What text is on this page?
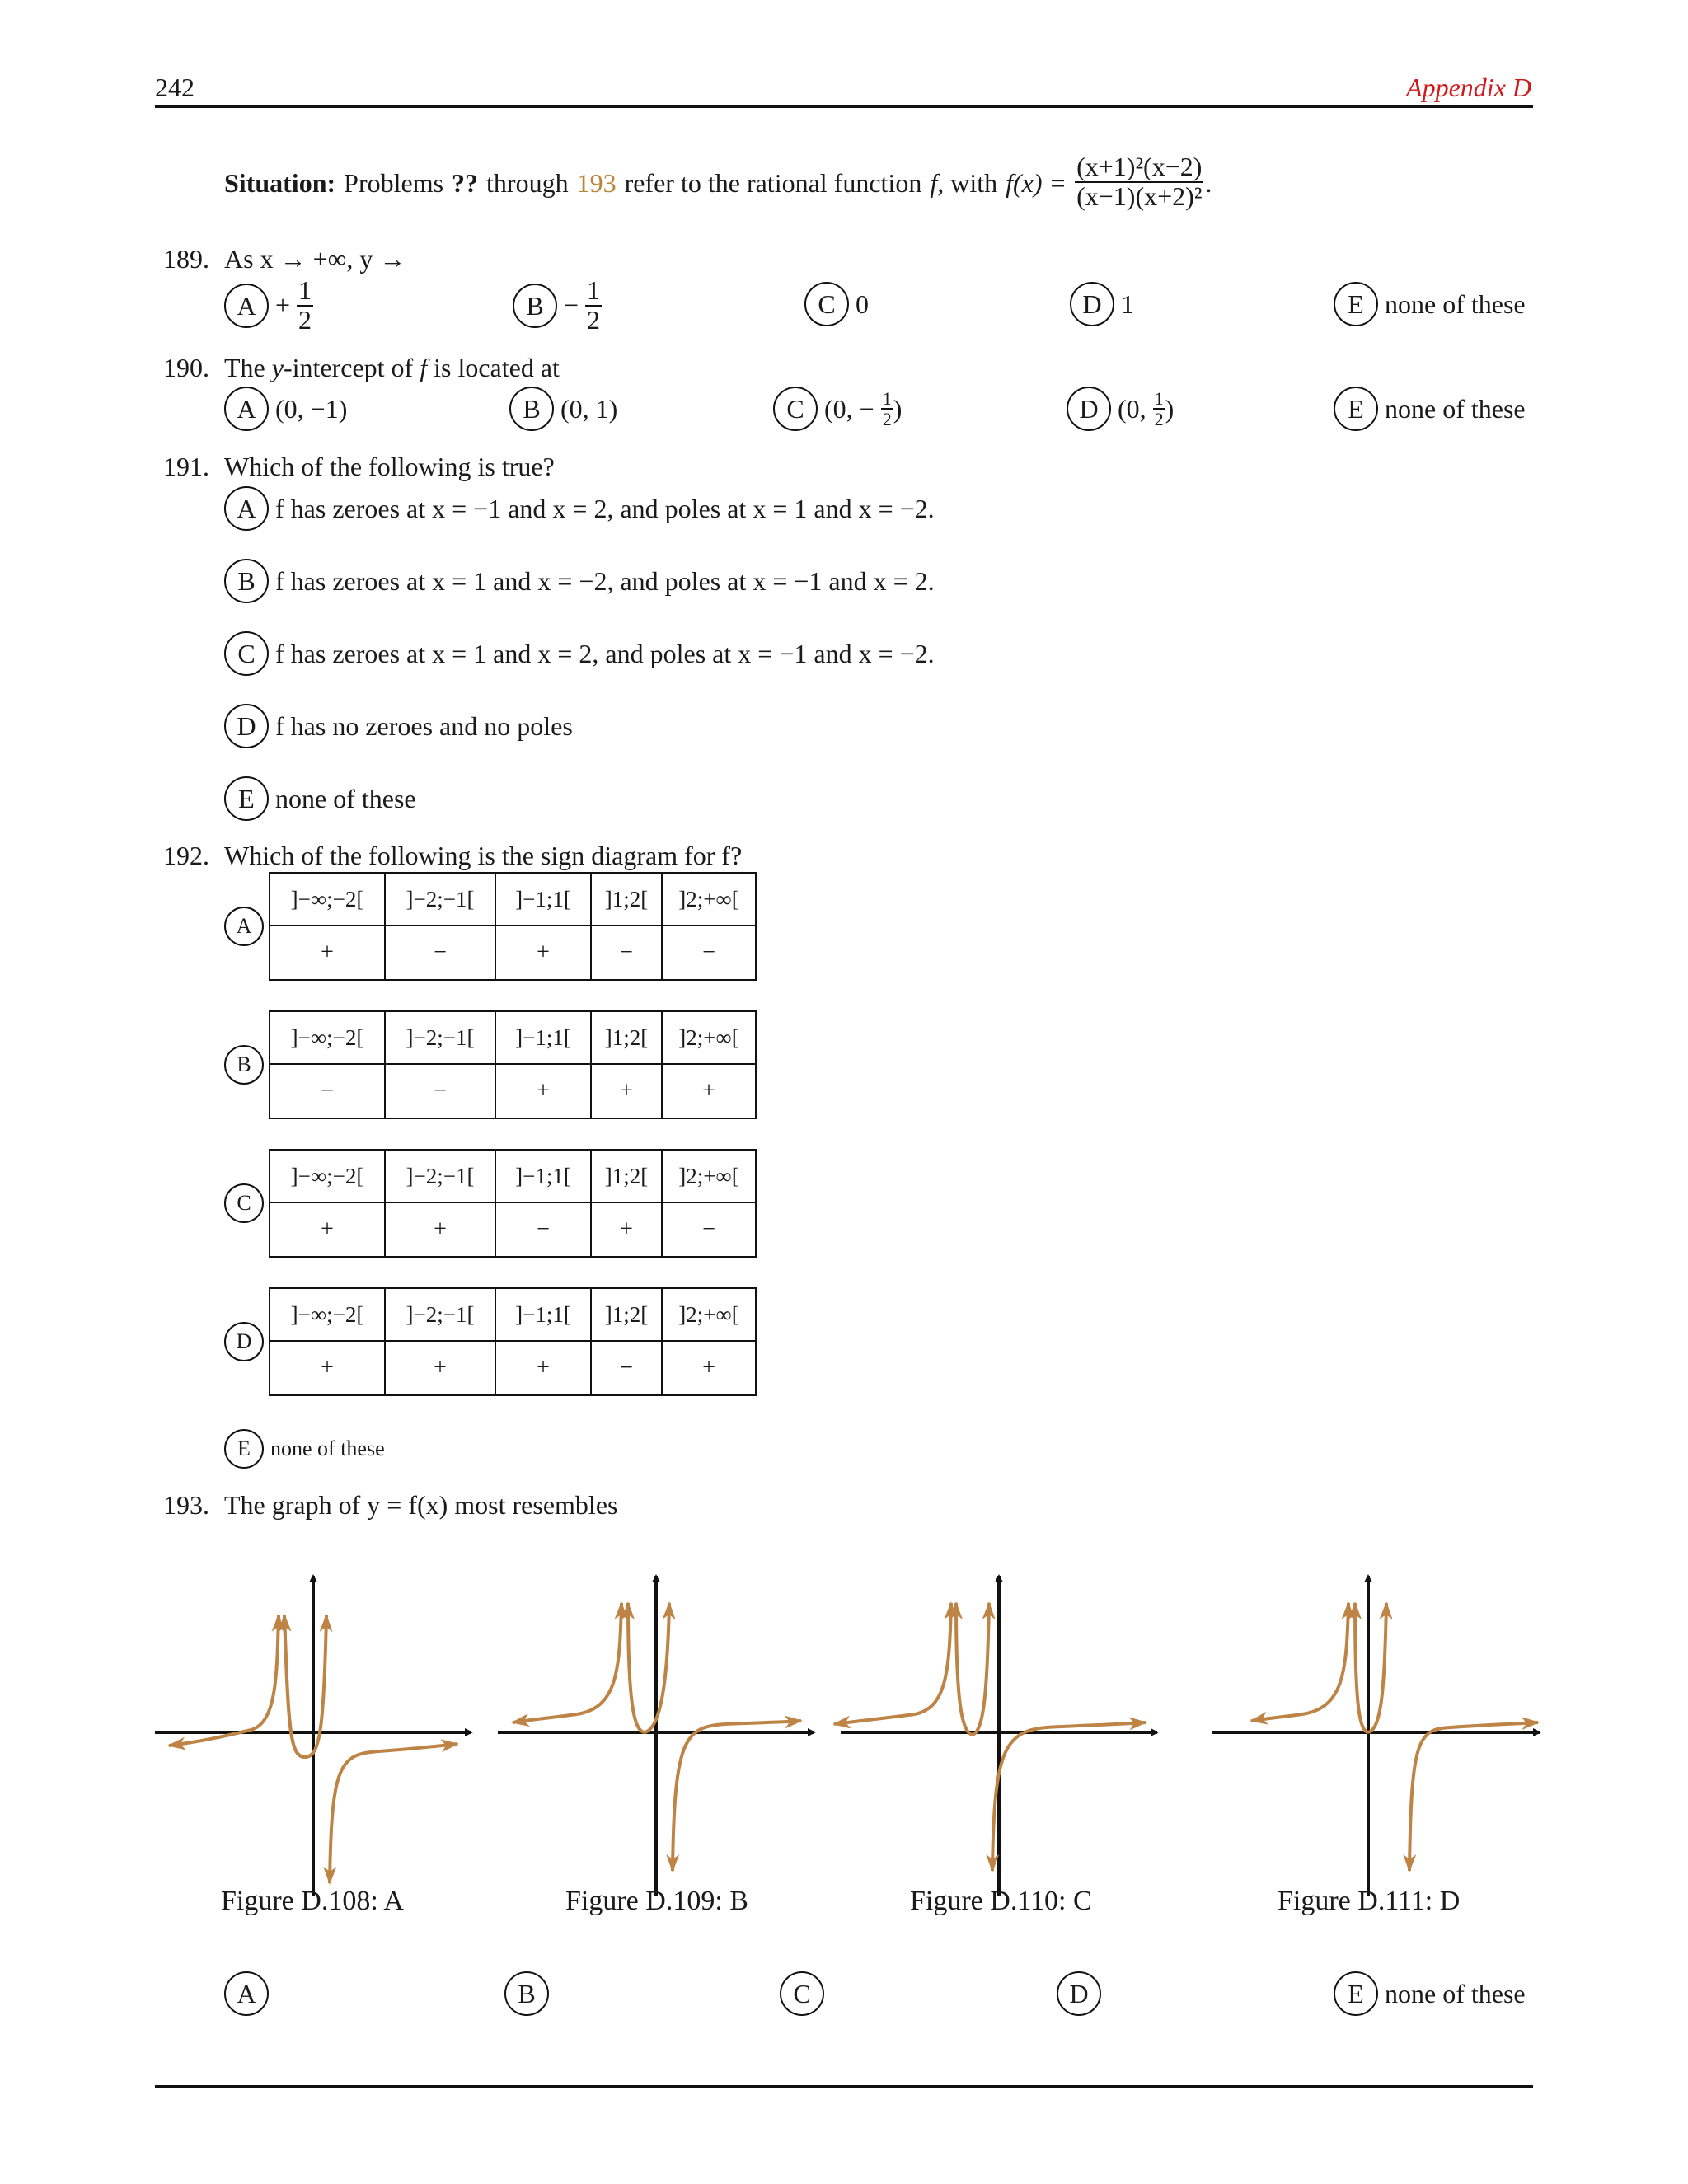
242	Appendix D
Situation: Problems ?? through 193 refer to the rational function f , with $f(x) = \frac{\text{(x+1)²(x−2)}}{\text{(x−1)(x+2)²}}$ .
189. As x → +∞, y →
$A + \frac{1}{2}$	$B - \frac{1}{2}$	C 0	D 1	E none of these
190. The y-intercept of f is located at
A (0, −1)	B (0, 1)	C (0, − $\frac{1}{2}$ )	D (0, $\frac{1}{2}$ )	E none of these
191. Which of the following is true?
A f has zeroes at x = −1 and x = 2, and poles at x = 1 and x = −2.
B f has zeroes at x = 1 and x = −2, and poles at x = −1 and x = 2.
C f has zeroes at x = 1 and x = 2, and poles at x = −1 and x = −2.
D f has no zeroes and no poles
E none of these
192. Which of the following is the sign diagram for f?
A
]−∞;−2[	]−2;−1[	]−1;1[	]1;2[	]2;+∞[
+	−	+	−	−
B
]−∞;−2[	]−2;−1[	]−1;1[	]1;2[	]2;+∞[
−	−	+	+	+
C
]−∞;−2[	]−2;−1[	]−1;1[	]1;2[	]2;+∞[
+	+	−	+	−
D
]−∞;−2[	]−2;−1[	]−1;1[	]1;2[	]2;+∞[
+	+	+	−	+
E none of these
193. The graph of y = f(x) most resembles
Figure D.108: A	Figure D.109: B	Figure D.110: C	Figure D.111: D
A	B	C	D	E none of these
